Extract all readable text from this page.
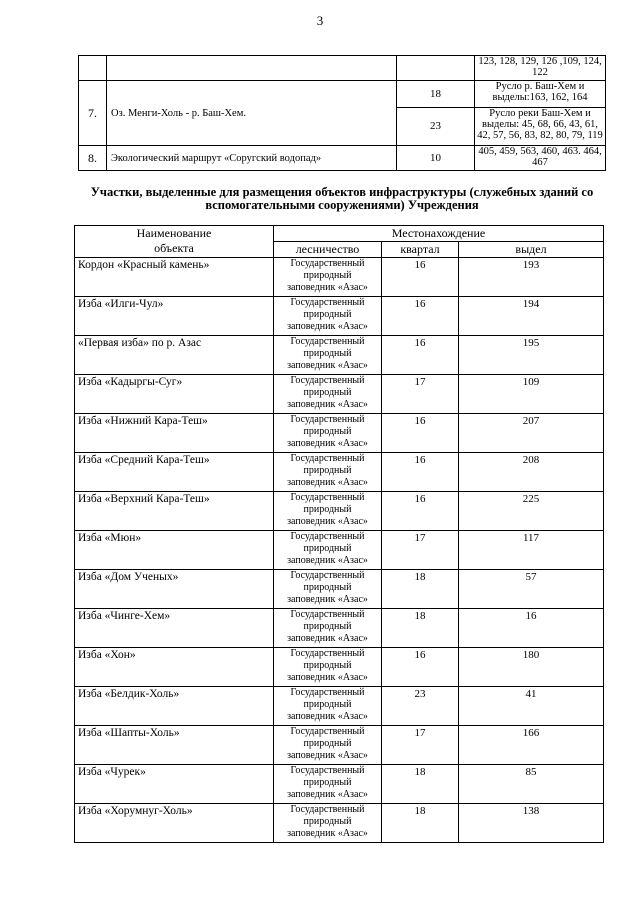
3
			123, 128, 129, 126 ,109, 124, 122
7.	Оз. Менги-Холь - р. Баш-Хем.	18	Русло р. Баш-Хем и выделы:163, 162, 164
		23	Русло реки Баш-Хем и выделы: 45, 68, 66, 43, 61, 42, 57, 56, 83, 82, 80, 79, 119
8.	Экологический маршрут «Соругский водопад»	10	405, 459, 563, 460, 463. 464, 467
Участки, выделенные для размещения объектов инфраструктуры (служебных зданий со
вспомогательными сооружениями) Учреждения
Наименование
объекта	Местонахождение		
	лесничество	квартал	выдел
Кордон «Красный камень»	Государственный
природный
заповедник «Азас»	16	193
Изба «Илги-Чул»	Государственный
природный
заповедник «Азас»	16	194
«Первая изба» по р. Азас	Государственный
природный
заповедник «Азас»	16	195
Изба «Кадыргы-Суг»	Государственный
природный
заповедник «Азас»	17	109
Изба «Нижний Кара-Теш»	Государственный
природный
заповедник «Азас»	16	207
Изба «Средний Кара-Теш»	Государственный
природный
заповедник «Азас»	16	208
Изба «Верхний Кара-Теш»	Государственный
природный
заповедник «Азас»	16	225
Изба «Мюн»	Государственный
природный
заповедник «Азас»	17	117
Изба «Дом Ученых»	Государственный
природный
заповедник «Азас»	18	57
Изба «Чинге-Хем»	Государственный
природный
заповедник «Азас»	18	16
Изба «Хон»	Государственный
природный
заповедник «Азас»	16	180
Изба «Белдик-Холь»	Государственный
природный
заповедник «Азас»	23	41
Изба «Шапты-Холь»	Государственный
природный
заповедник «Азас»	17	166
Изба «Чурек»	Государственный
природный
заповедник «Азас»	18	85
Изба «Хорумнуг-Холь»	Государственный
природный
заповедник «Азас»	18	138
